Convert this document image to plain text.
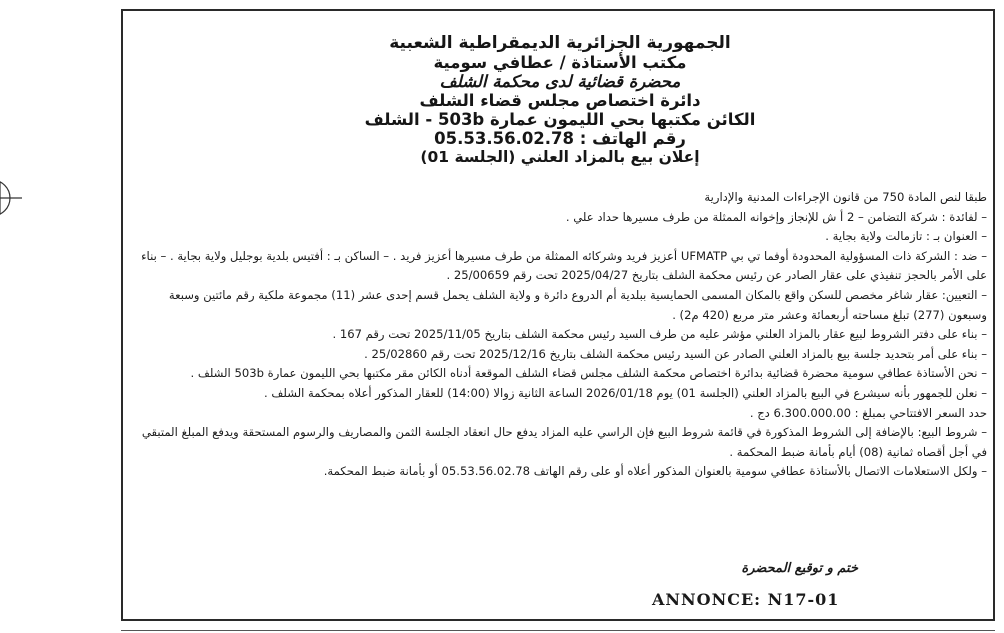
الجمهورية الجزائرية الديمقراطية الشعبية

مكتب الأستاذة / عطافي سومية

محضرة قضائية لدى محكمة الشلف

دائرة اختصاص مجلس قضاء الشلف

الكائن مكتبها بحي الليمون عمارة 503b - الشلف

رقم الهاتف : 05.53.56.02.78

إعلان بيع بالمزاد العلني (الجلسة 01)

طبقا لنص المادة 750 من قانون الإجراءات المدنية والإدارية

– لفائدة : شركة التضامن – 2 أ ش للإنجاز وإخوانه الممثلة من طرف مسيرها حداد علي .

– العنوان بـ : تازمالت ولاية بجاية .

– ضد : الشركة ذات المسؤولية المحدودة أوفما تي بي UFMATP أعزيز فريد وشركائه الممثلة من طرف مسيرها أعزيز فريد . – الساكن بـ : أفتيس بلدية بوجليل ولاية بجاية . – بناء على الأمر بالحجز تنفيذي على عقار الصادر عن رئيس محكمة الشلف بتاريخ 2025/04/27 تحت رقم 25/00659 .

– التعيين: عقار شاغر مخصص للسكن واقع بالمكان المسمى الحمايسية ببلدية أم الدروع دائرة و ولاية الشلف يحمل قسم إحدى عشر (11) مجموعة ملكية رقم مائتين وسبعة وسبعون (277) تبلغ مساحته أربعمائة وعشر متر مربع (420 م2) .

– بناء على دفتر الشروط لبيع عقار بالمزاد العلني مؤشر عليه من طرف السيد رئيس محكمة الشلف بتاريخ 2025/11/05 تحت رقم 167 .

– بناء على أمر بتحديد جلسة بيع بالمزاد العلني الصادر عن السيد رئيس محكمة الشلف بتاريخ 2025/12/16 تحت رقم 25/02860 .

– نحن الأستاذة عطافي سومية محضرة قضائية بدائرة اختصاص محكمة الشلف مجلس قضاء الشلف الموقعة أدناه الكائن مقر مكتبها بحي الليمون عمارة 503b الشلف .

– نعلن للجمهور بأنه سيشرع في البيع بالمزاد العلني (الجلسة 01) يوم 2026/01/18 الساعة الثانية زوالا (14:00) للعقار المذكور أعلاه بمحكمة الشلف .

حدد السعر الافتتاحي بمبلغ : 6.300.000.00 دج .

– شروط البيع: بالإضافة إلى الشروط المذكورة في قائمة شروط البيع فإن الراسي عليه المزاد يدفع حال انعقاد الجلسة الثمن والمصاريف والرسوم المستحقة ويدفع المبلغ المتبقي في أجل أقصاه ثمانية (08) أيام بأمانة ضبط المحكمة .

– ولكل الاستعلامات الاتصال بالأستاذة عطافي سومية بالعنوان المذكور أعلاه أو على رقم الهاتف 05.53.56.02.78 أو بأمانة ضبط المحكمة.

ختم و توقيع المحضرة
ANNONCE: N17-01
